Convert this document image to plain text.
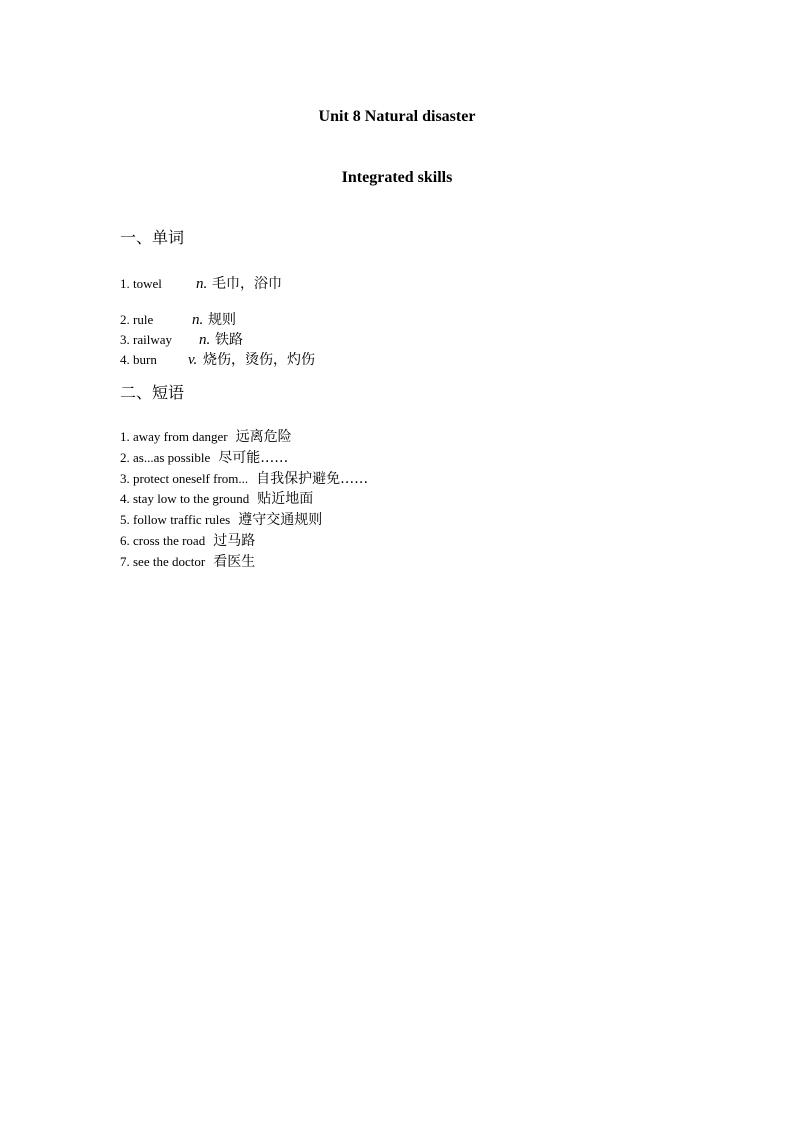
Unit 8 Natural disaster
Integrated skills
一、单词
1. towel n. 毛巾，浴巾
2. rule	n. 规则
3. railway n. 铁路
4. burn v. 烧伤，烫伤，灼伤
二、短语
1. away from danger 远离危险
2. as...as possible 尽可能……
3. protect oneself from... 自我保护避免……
4. stay low to the ground 贴近地面
5. follow traffic rules 遵守交通规则
6. cross the road 过马路
7. see the doctor 看医生
